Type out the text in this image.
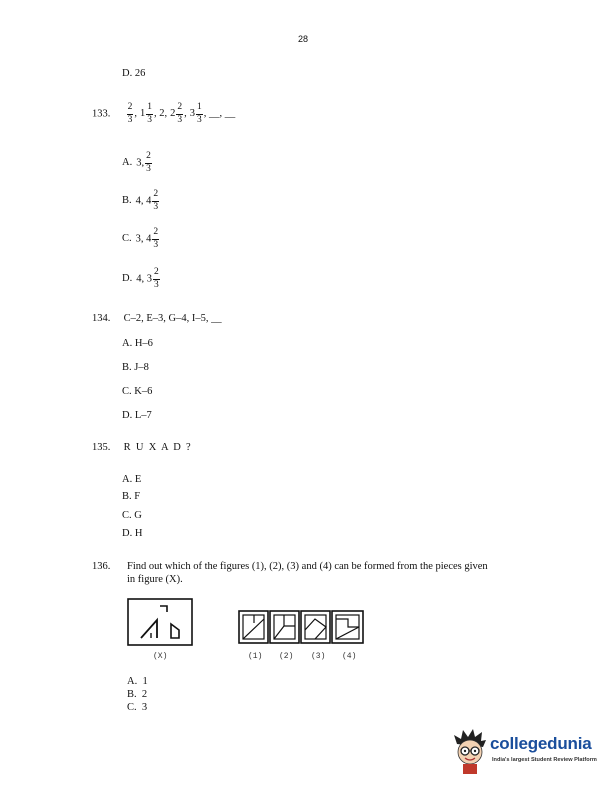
28
D. 26
133. $\frac{2}{3}$ , $1 \frac{1}{3}$ , 2, $2 \frac{2}{3}$ , $3 \frac{1}{3}$ , __, __
A. 3, $\frac{2}{3}$
B. 4, $4 \frac{2}{3}$
C. 3, $4 \frac{2}{3}$
D. 4, $3 \frac{2}{3}$
134. C–2, E–3, G–4, I–5, __
A. H–6
B. J–8
C. K–6
D. L–7
135. R  U  X  A  D  ?
A. E
B. F
C. G
D. H
136. Find out which of the figures (1), (2), (3) and (4) can be formed from the pieces given
in figure (X).
(X)	(1) (2) (3) (4)
A.  1
B.  2
C.  3
collegedunia
India's largest Student Review Platform
